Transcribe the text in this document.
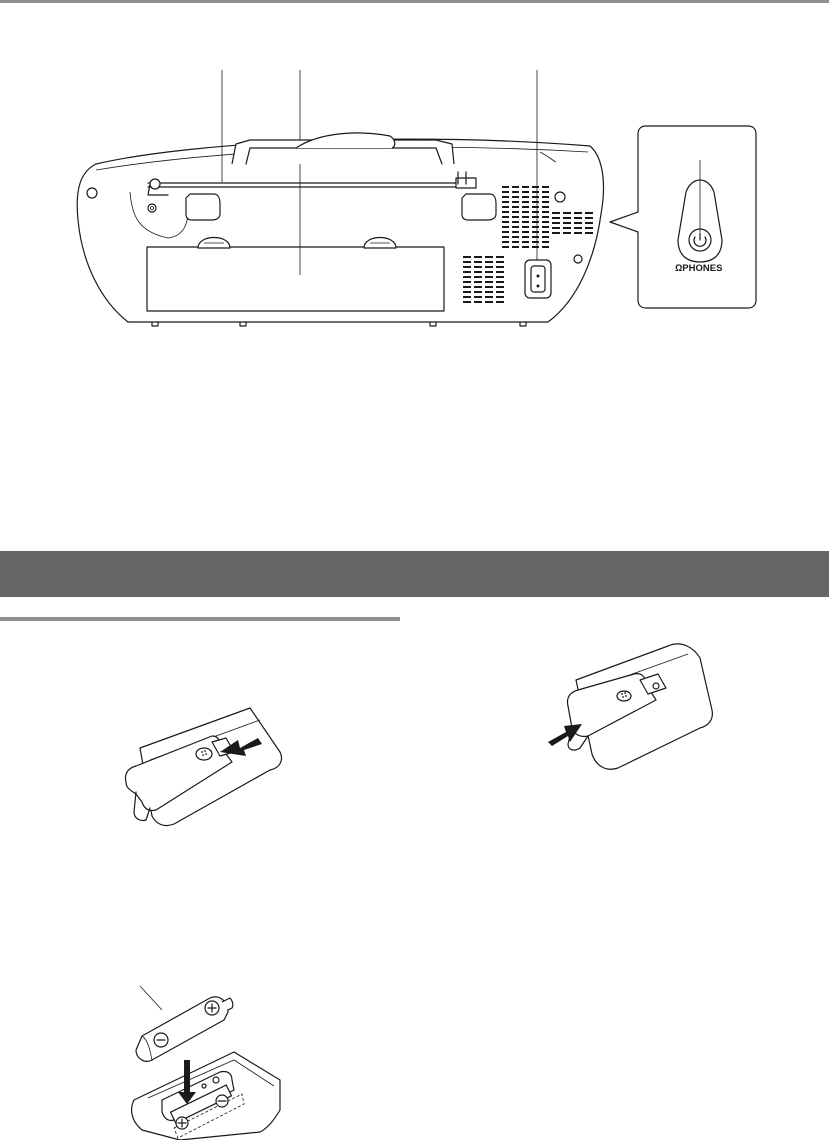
ΩPHONES
